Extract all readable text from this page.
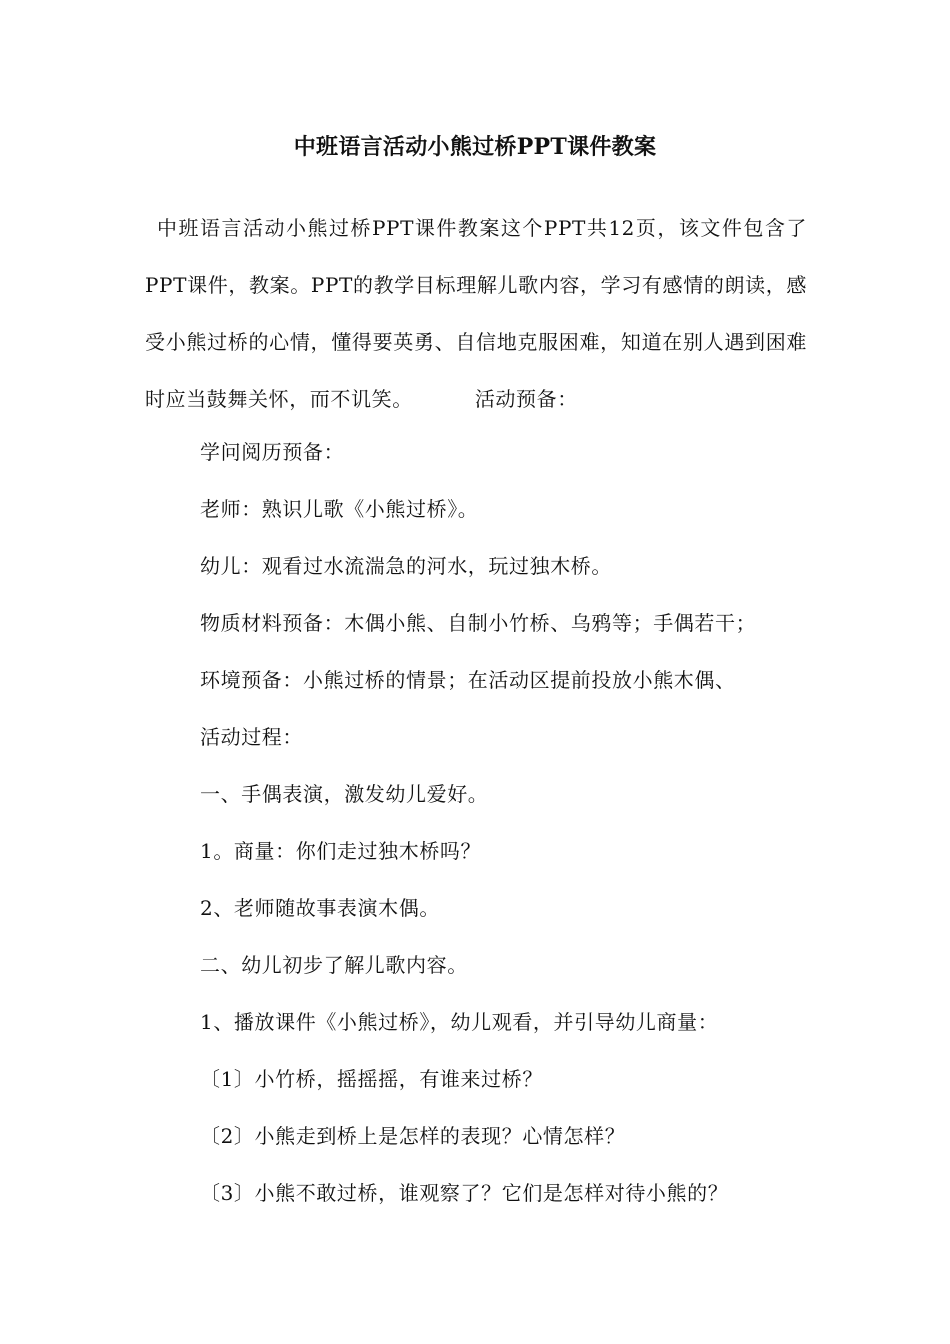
中班语言活动小熊过桥PPT课件教案

中班语言活动小熊过桥PPT课件教案这个PPT共12页，该文件包含了PPT课件，教案。PPT的教学目标理解儿歌内容，学习有感情的朗读，感受小熊过桥的心情，懂得要英勇、自信地克服困难，知道在别人遇到困难时应当鼓舞关怀，而不讥笑。	活动预备：

学问阅历预备：

老师：熟识儿歌《小熊过桥》。

幼儿：观看过水流湍急的河水，玩过独木桥。

物质材料预备：木偶小熊、自制小竹桥、乌鸦等；手偶若干；

环境预备：小熊过桥的情景；在活动区提前投放小熊木偶、

活动过程：

一、手偶表演，激发幼儿爱好。

1。商量：你们走过独木桥吗？

2、老师随故事表演木偶。

二、幼儿初步了解儿歌内容。

1、播放课件《小熊过桥》，幼儿观看，并引导幼儿商量：

〔1〕小竹桥，摇摇摇，有谁来过桥？

〔2〕小熊走到桥上是怎样的表现？心情怎样？

〔3〕小熊不敢过桥，谁观察了？它们是怎样对待小熊的？
